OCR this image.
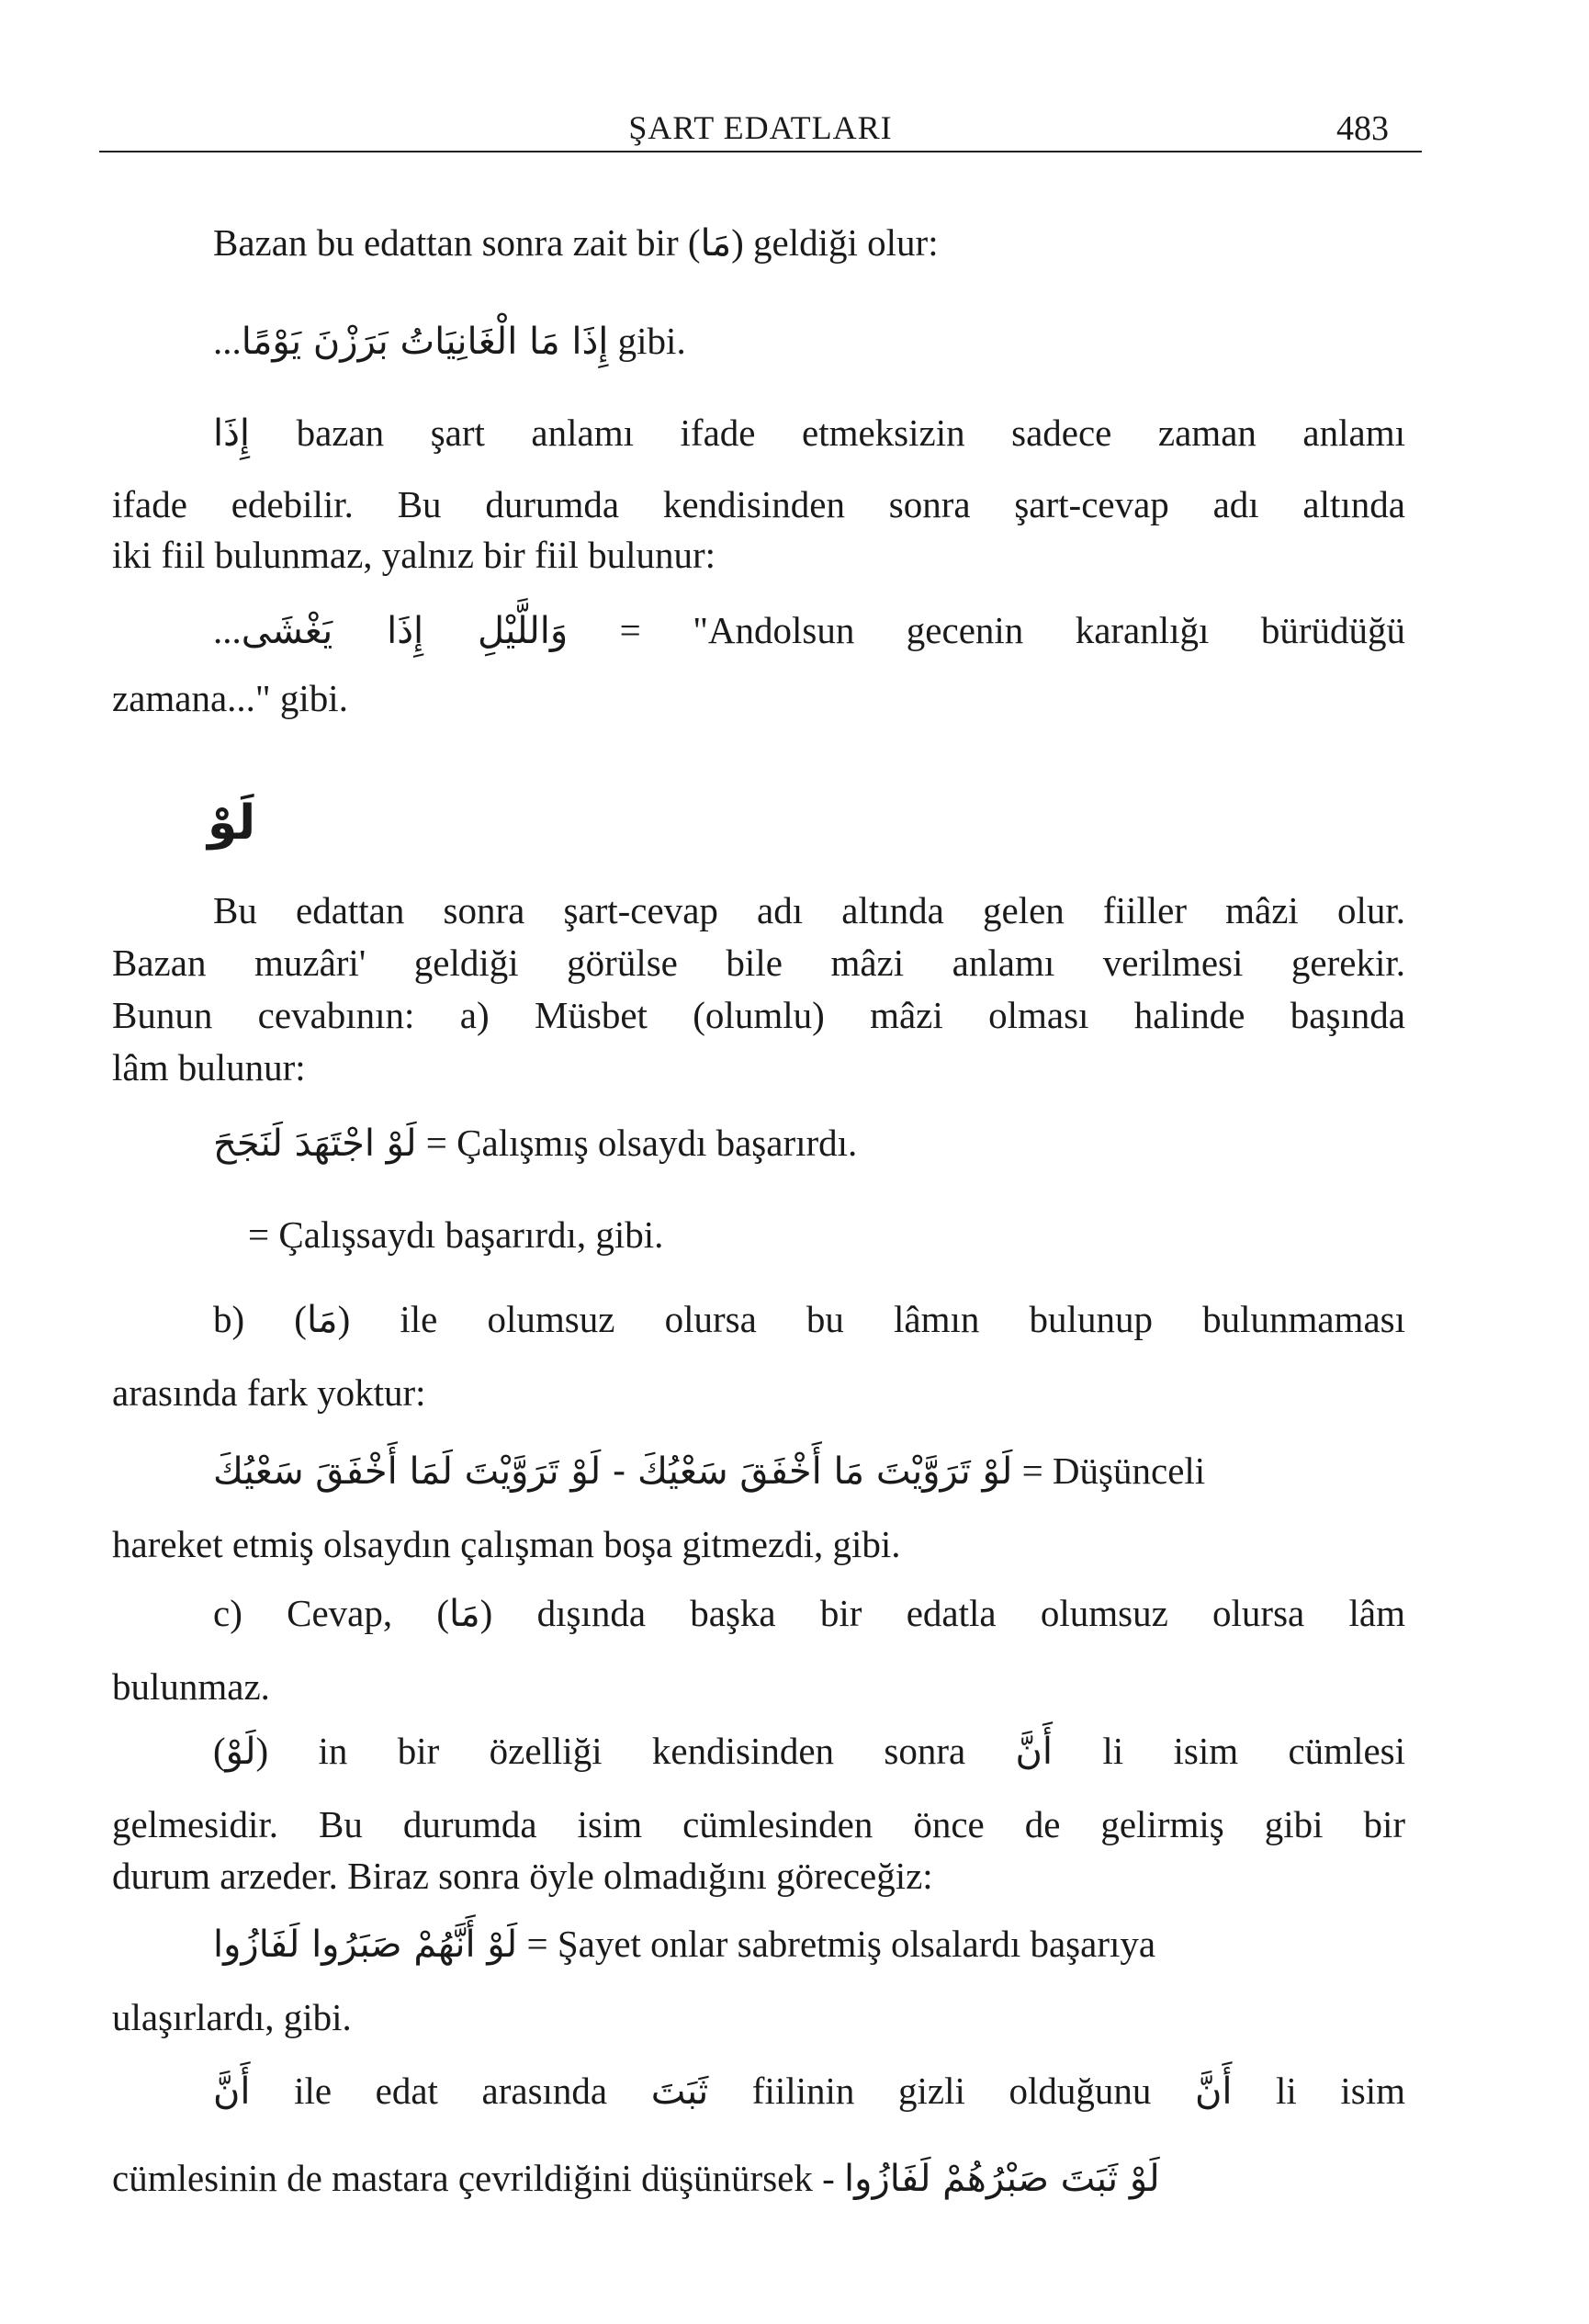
ŞART EDATLARI	483
Bazan bu edattan sonra zait bir (مَا) geldiği olur:
...إِذَا مَا الْغَانِيَاتُ بَرَزْنَ يَوْمًا gibi.
إِذَا bazan şart anlamı ifade etmeksizin sadece zaman anlamı
ifade edebilir. Bu durumda kendisinden sonra şart-cevap adı altında
iki fiil bulunmaz, yalnız bir fiil bulunur:
...وَاللَّيْلِ إِذَا يَغْشَى = "Andolsun gecenin karanlığı bürüdüğü
zamana..." gibi.
لَوْ
Bu edattan sonra şart-cevap adı altında gelen fiiller mâzi olur.
Bazan muzâri' geldiği görülse bile mâzi anlamı verilmesi gerekir.
Bunun cevabının: a) Müsbet (olumlu) mâzi olması halinde başında
lâm bulunur:
لَوْ اجْتَهَدَ لَنَجَحَ = Çalışmış olsaydı başarırdı.
= Çalışsaydı başarırdı, gibi.
b) (مَا) ile olumsuz olursa bu lâmın bulunup bulunmaması
arasında fark yoktur:
لَوْ تَرَوَّيْتَ مَا أَخْفَقَ سَعْيُكَ - لَوْ تَرَوَّيْتَ لَمَا أَخْفَقَ سَعْيُكَ = Düşünceli
hareket etmiş olsaydın çalışman boşa gitmezdi, gibi.
c) Cevap, (مَا) dışında başka bir edatla olumsuz olursa lâm
bulunmaz.
(لَوْ) in bir özelliği kendisinden sonra أَنَّ li isim cümlesi
gelmesidir. Bu durumda isim cümlesinden önce de gelirmiş gibi bir
durum arzeder. Biraz sonra öyle olmadığını göreceğiz:
لَوْ أَنَّهُمْ صَبَرُوا لَفَازُوا = Şayet onlar sabretmiş olsalardı başarıya
ulaşırlardı, gibi.
أَنَّ ile edat arasında ثَبَتَ fiilinin gizli olduğunu أَنَّ li isim
cümlesinin de mastara çevrildiğini düşünürsek - لَوْ ثَبَتَ صَبْرُهُمْ لَفَازُوا
